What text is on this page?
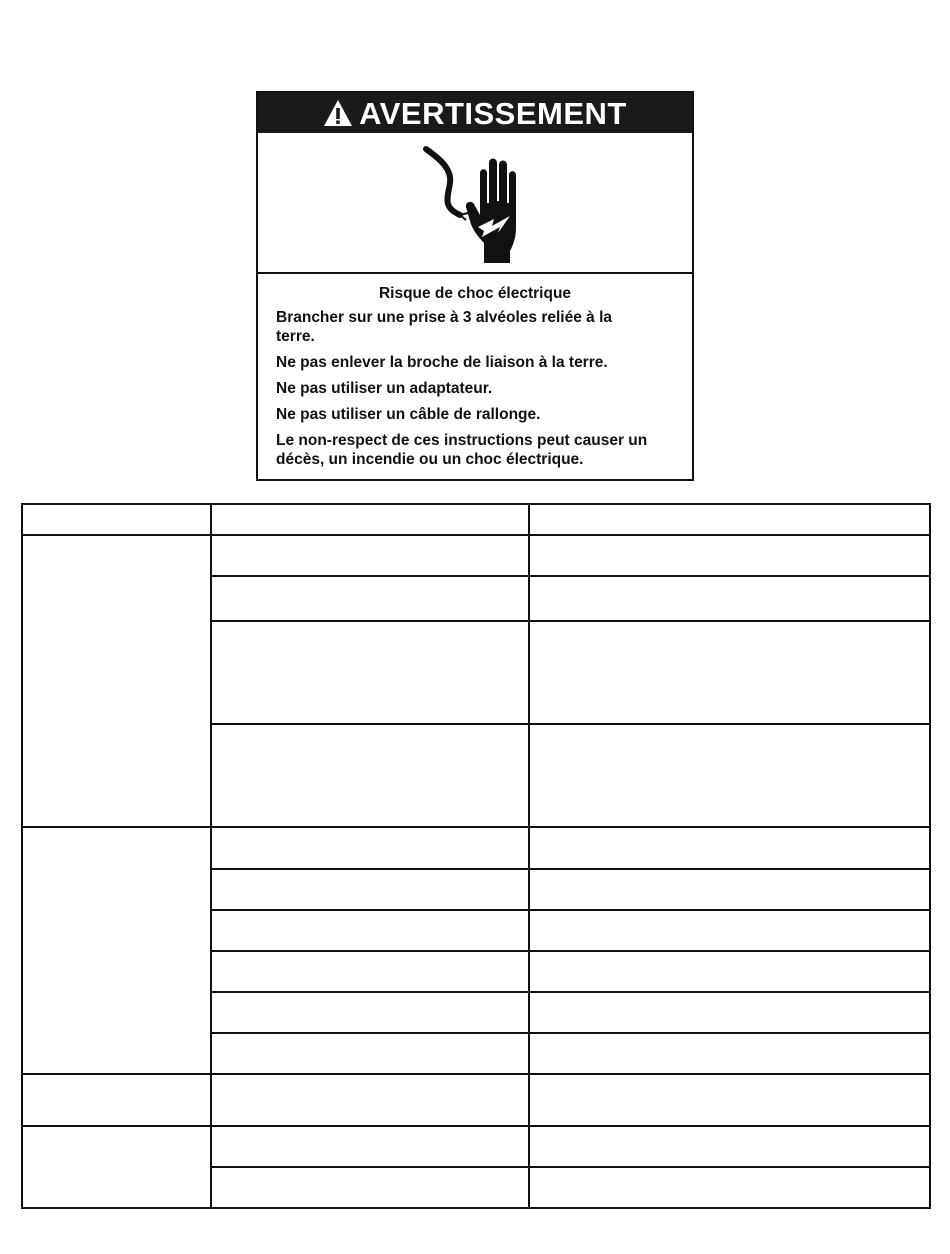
AVERTISSEMENT
Risque de choc électrique

Brancher sur une prise à 3 alvéoles reliée à la terre.

Ne pas enlever la broche de liaison à la terre.

Ne pas utiliser un adaptateur.

Ne pas utiliser un câble de rallonge.

Le non-respect de ces instructions peut causer un décès, un incendie ou un choc électrique.
